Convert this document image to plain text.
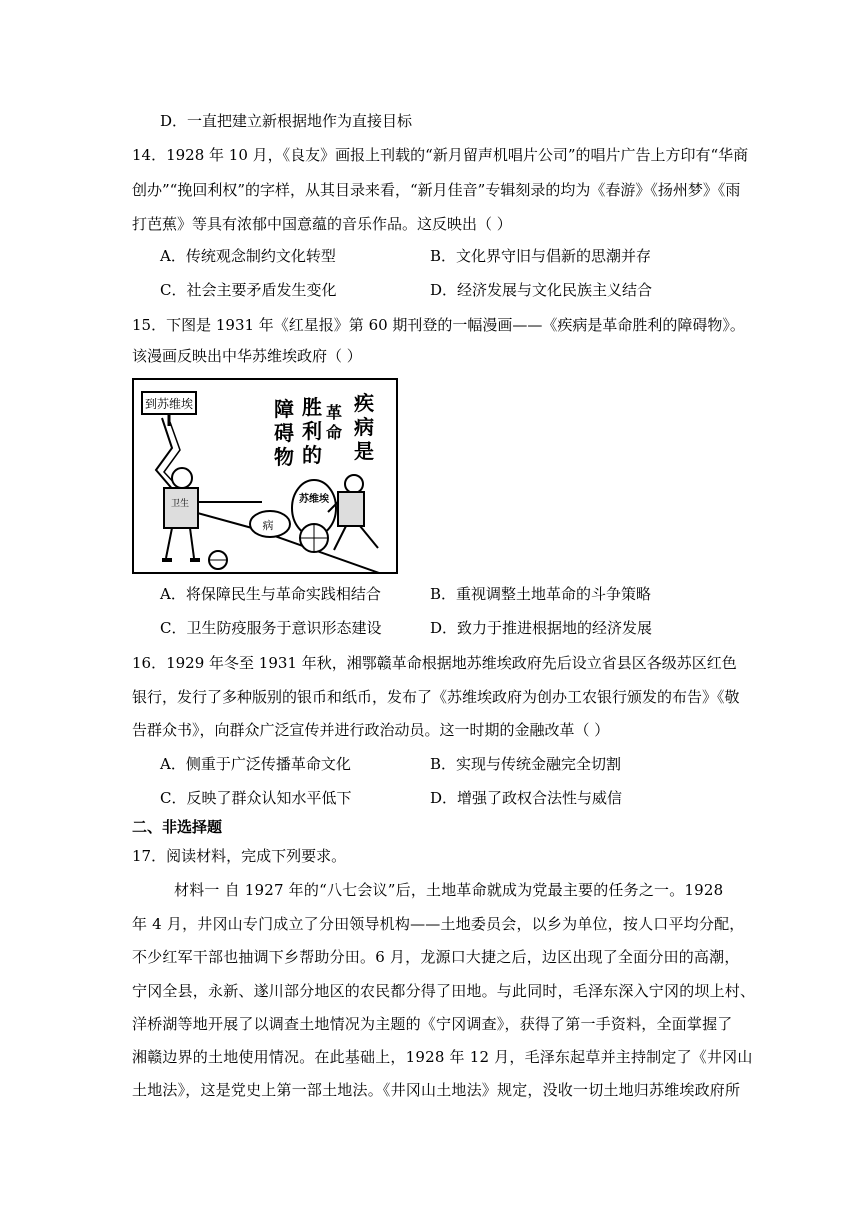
D．一直把建立新根据地作为直接目标
14．1928 年 10 月，《良友》画报上刊载的“新月留声机唱片公司”的唱片广告上方印有“华商
创办”“挽回利权”的字样，从其目录来看，“新月佳音”专辑刻录的均为《春游》《扬州梦》《雨
打芭蕉》等具有浓郁中国意蕴的音乐作品。这反映出（ ）
A．传统观念制约文化转型	B．文化界守旧与倡新的思潮并存
C．社会主要矛盾发生变化	D．经济发展与文化民族主义结合
15．下图是 1931 年《红星报》第 60 期刊登的一幅漫画——《疾病是革命胜利的障碍物》。
该漫画反映出中华苏维埃政府（ ）
到苏维埃	疾
病
是
革
命
胜
利
的
障
碍
物
卫生
病
苏维埃
A．将保障民生与革命实践相结合	B．重视调整土地革命的斗争策略
C．卫生防疫服务于意识形态建设	D．致力于推进根据地的经济发展
16．1929 年冬至 1931 年秋，湘鄂赣革命根据地苏维埃政府先后设立省县区各级苏区红色
银行，发行了多种版别的银币和纸币，发布了《苏维埃政府为创办工农银行颁发的布告》《敬
告群众书》，向群众广泛宣传并进行政治动员。这一时期的金融改革（ ）
A．侧重于广泛传播革命文化	B．实现与传统金融完全切割
C．反映了群众认知水平低下	D．增强了政权合法性与威信
二、非选择题
17．阅读材料，完成下列要求。
材料一 自 1927 年的“八七会议”后，土地革命就成为党最主要的任务之一。1928
年 4 月，井冈山专门成立了分田领导机构——土地委员会，以乡为单位，按人口平均分配，
不少红军干部也抽调下乡帮助分田。6 月，龙源口大捷之后，边区出现了全面分田的高潮，
宁冈全县，永新、遂川部分地区的农民都分得了田地。与此同时，毛泽东深入宁冈的坝上村、
洋桥湖等地开展了以调查土地情况为主题的《宁冈调查》，获得了第一手资料，全面掌握了
湘赣边界的土地使用情况。在此基础上，1928 年 12 月，毛泽东起草并主持制定了《井冈山
土地法》，这是党史上第一部土地法。《井冈山土地法》规定，没收一切土地归苏维埃政府所
